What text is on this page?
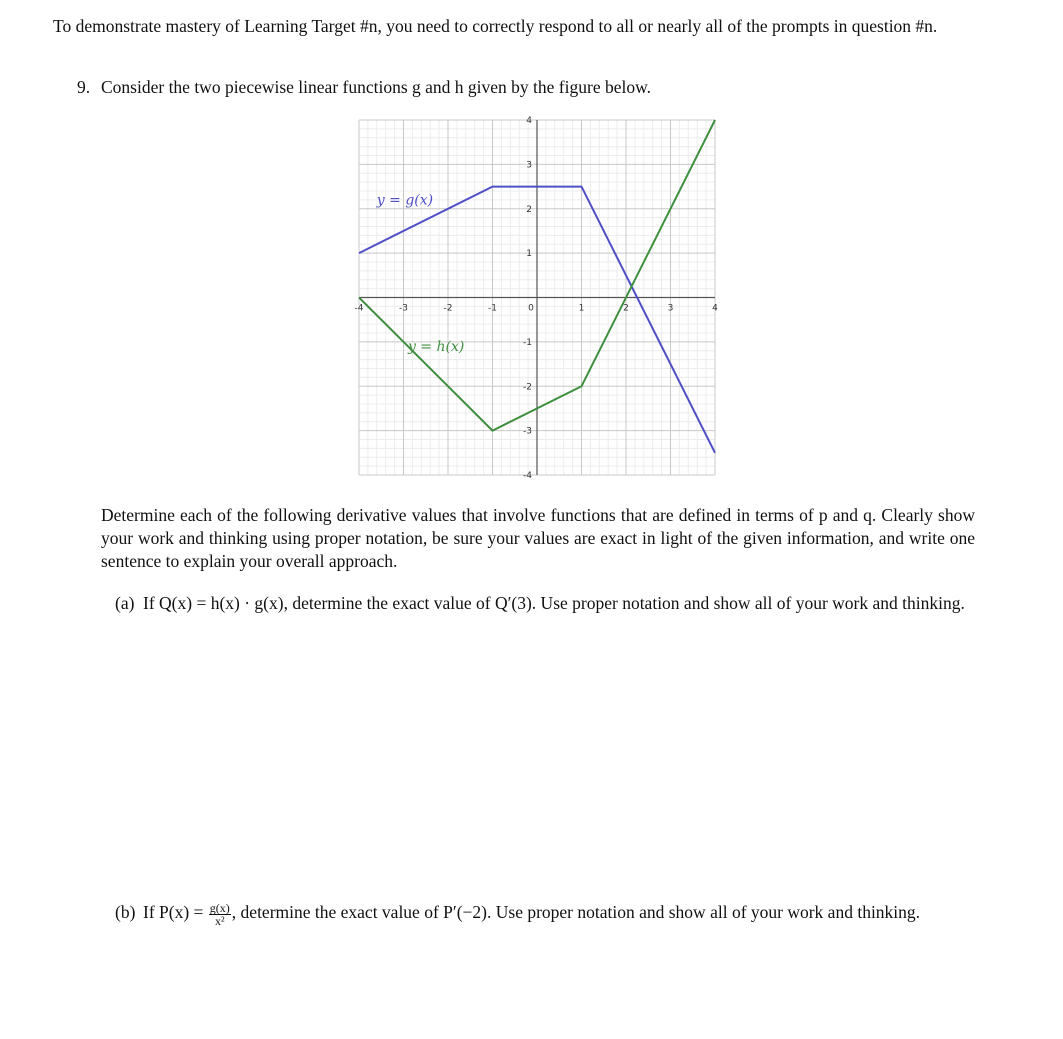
To demonstrate mastery of Learning Target #n, you need to correctly respond to all or nearly all of the prompts in question #n.
9. Consider the two piecewise linear functions g and h given by the figure below.
-4	-3	-2	-1	0	1	2	3	4
-4
-3
-2
-1
1
2
3
4
y = g(x)
y = h(x)
Determine each of the following derivative values that involve functions that are defined in terms of p and q. Clearly show your work and thinking using proper notation, be sure your values are exact in light of the given information, and write one sentence to explain your overall approach.
(a) If Q(x) = h(x) · g(x), determine the exact value of Q′(3). Use proper notation and show all of your work and thinking.
(b) If $P(x) = \frac{g(x)}{\text{x²}}$ , determine the exact value of P′(−2). Use proper notation and show all of your work and thinking.
